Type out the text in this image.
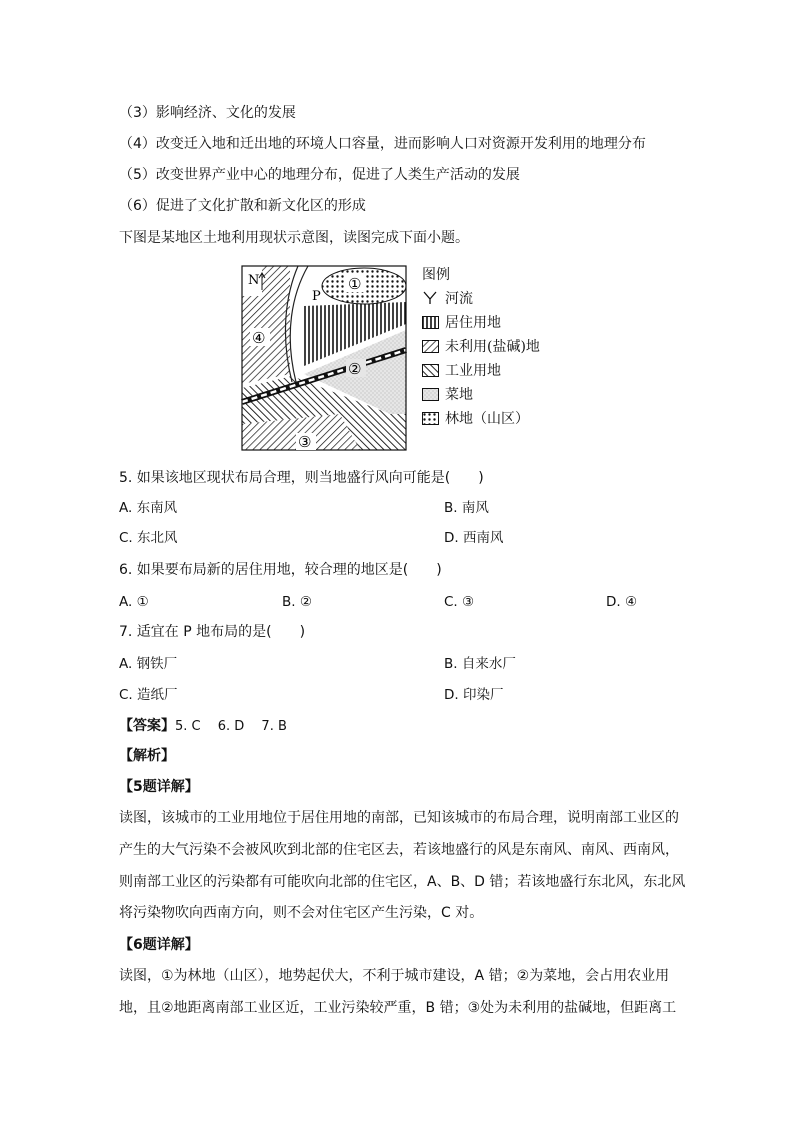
（3）影响经济、文化的发展
（4）改变迁入地和迁出地的环境人口容量，进而影响人口对资源开发利用的地理分布
（5）改变世界产业中心的地理分布，促进了人类生产活动的发展
（6）促进了文化扩散和新文化区的形成
下图是某地区土地利用现状示意图，读图完成下面小题。
N
P
①
②
③
④
图例
河流
居住用地
未利用(盐碱)地
工业用地
菜地
林地（山区）
5. 如果该地区现状布局合理，则当地盛行风向可能是(　　)
A. 东南风	B. 南风
C. 东北风	D. 西南风
6. 如果要布局新的居住用地，较合理的地区是(　　)
A. ①	B. ②	C. ③	D. ④
7. 适宜在 P 地布局的是(　　)
A. 钢铁厂	B. 自来水厂
C. 造纸厂	D. 印染厂
【答案】5. C　 6. D　 7. B
【解析】
【5题详解】
读图，该城市的工业用地位于居住用地的南部，已知该城市的布局合理，说明南部工业区的
产生的大气污染不会被风吹到北部的住宅区去，若该地盛行的风是东南风、南风、西南风，
则南部工业区的污染都有可能吹向北部的住宅区，A、B、D 错；若该地盛行东北风，东北风
将污染物吹向西南方向，则不会对住宅区产生污染，C 对。
【6题详解】
读图，①为林地（山区），地势起伏大，不利于城市建设，A 错；②为菜地，会占用农业用
地，且②地距离南部工业区近，工业污染较严重，B 错；③处为未利用的盐碱地，但距离工
